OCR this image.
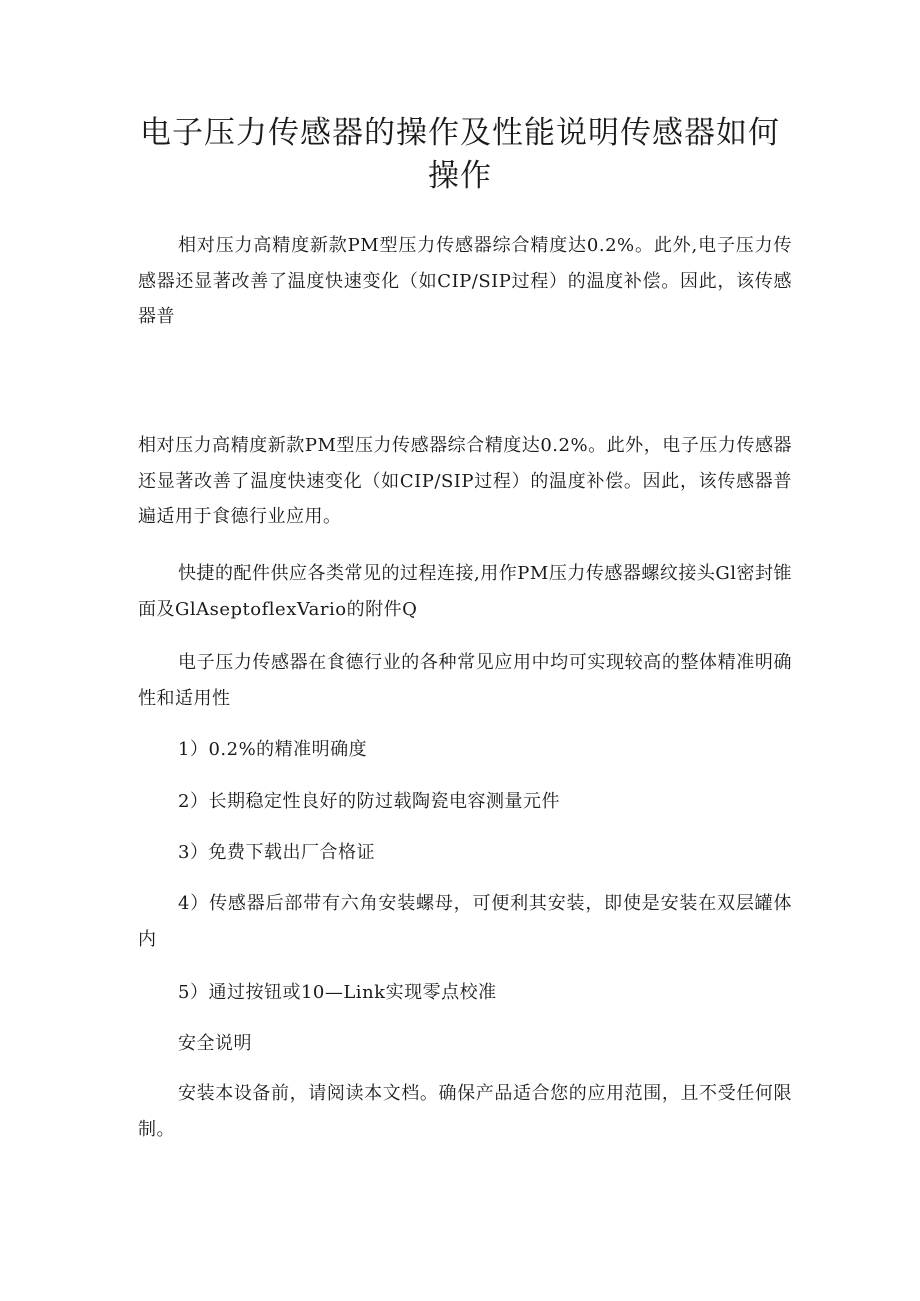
电子压力传感器的操作及性能说明传感器如何操作

相对压力高精度新款PM型压力传感器综合精度达0.2%。此外,电子压力传感器还显著改善了温度快速变化（如CIP/SIP过程）的温度补偿。因此，该传感器普

相对压力高精度新款PM型压力传感器综合精度达0.2%。此外，电子压力传感器还显著改善了温度快速变化（如CIP/SIP过程）的温度补偿。因此，该传感器普遍适用于食德行业应用。

快捷的配件供应各类常见的过程连接,用作PM压力传感器螺纹接头Gl密封锥面及GlAseptoflexVario的附件Q

电子压力传感器在食德行业的各种常见应用中均可实现较高的整体精准明确性和适用性

1）0.2%的精准明确度

2）长期稳定性良好的防过载陶瓷电容测量元件

3）免费下载出厂合格证

4）传感器后部带有六角安装螺母，可便利其安装，即使是安装在双层罐体内

5）通过按钮或10—Link实现零点校准

安全说明

安装本设备前，请阅读本文档。确保产品适合您的应用范围，且不受任何限制。
